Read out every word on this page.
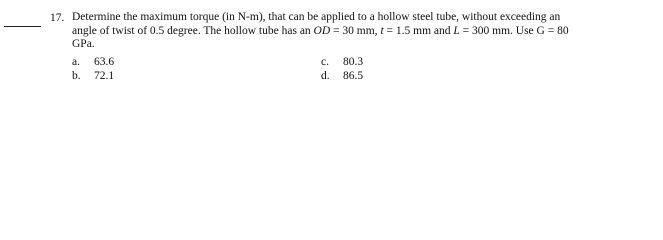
17. Determine the maximum torque (in N-m), that can be applied to a hollow steel tube, without exceeding an
angle of twist of 0.5 degree. The hollow tube has an OD = 30 mm, t = 1.5 mm and L = 300 mm. Use G = 80
GPa.
a. 63.6
b. 72.1
c. 80.3
d. 86.5
